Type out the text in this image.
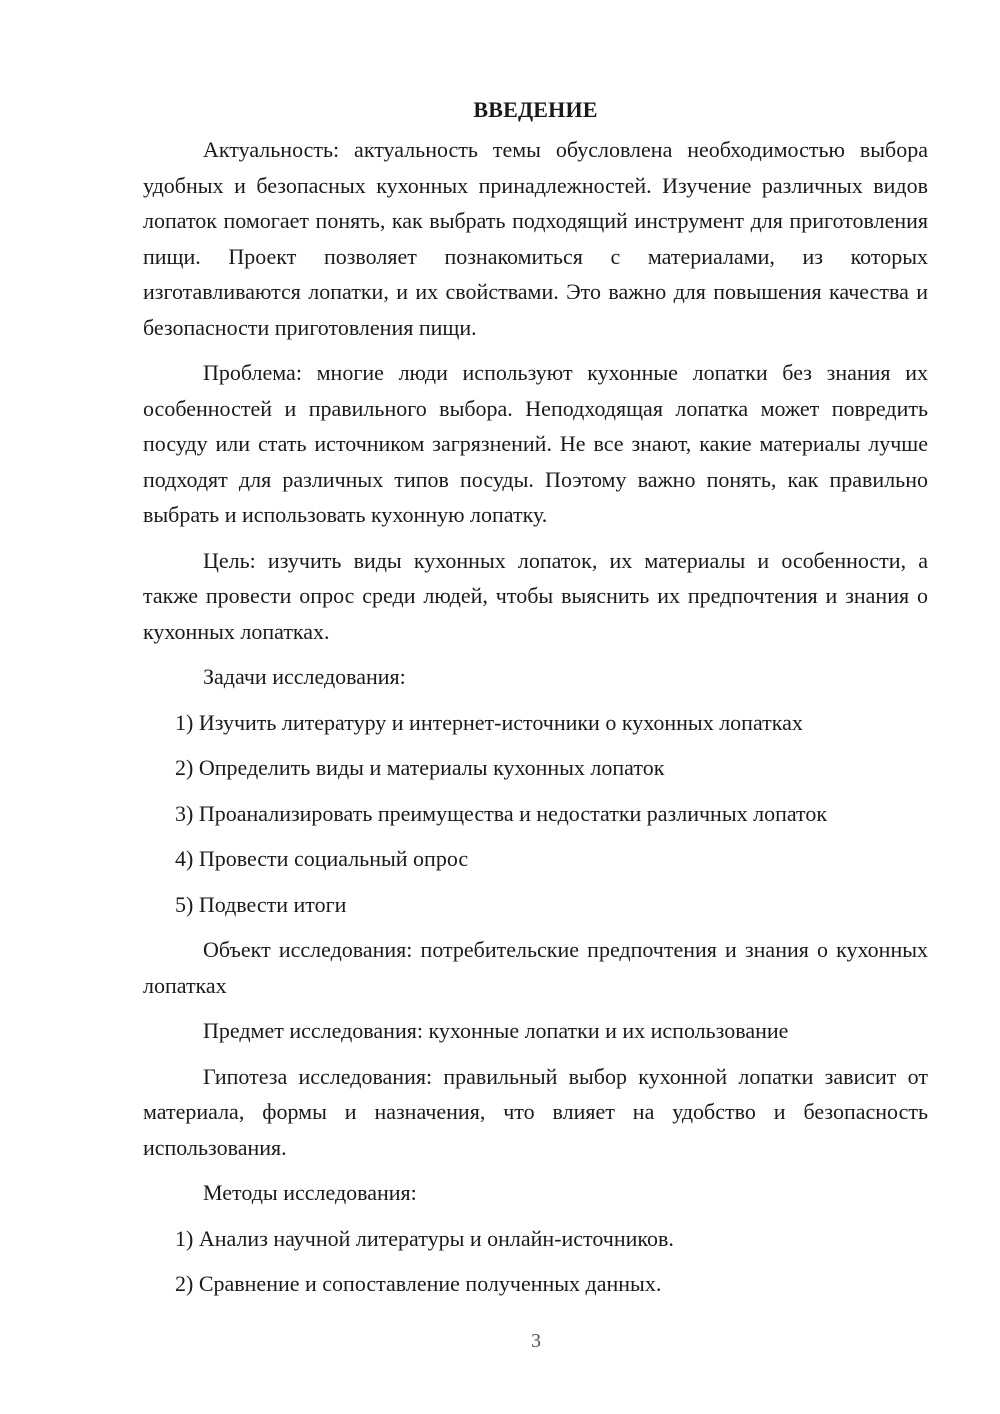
ВВЕДЕНИЕ

Актуальность: актуальность темы обусловлена необходимостью выбора удобных и безопасных кухонных принадлежностей. Изучение различных видов лопаток помогает понять, как выбрать подходящий инструмент для приготовления пищи. Проект позволяет познакомиться с материалами, из которых изготавливаются лопатки, и их свойствами. Это важно для повышения качества и безопасности приготовления пищи.

Проблема: многие люди используют кухонные лопатки без знания их особенностей и правильного выбора. Неподходящая лопатка может повредить посуду или стать источником загрязнений. Не все знают, какие материалы лучше подходят для различных типов посуды. Поэтому важно понять, как правильно выбрать и использовать кухонную лопатку.

Цель: изучить виды кухонных лопаток, их материалы и особенности, а также провести опрос среди людей, чтобы выяснить их предпочтения и знания о кухонных лопатках.

Задачи исследования:

1) Изучить литературу и интернет-источники о кухонных лопатках
2) Определить виды и материалы кухонных лопаток
3) Проанализировать преимущества и недостатки различных лопаток
4) Провести социальный опрос
5) Подвести итоги

Объект исследования: потребительские предпочтения и знания о кухонных лопатках

Предмет исследования: кухонные лопатки и их использование

Гипотеза исследования: правильный выбор кухонной лопатки зависит от материала, формы и назначения, что влияет на удобство и безопасность использования.

Методы исследования:

1) Анализ научной литературы и онлайн-источников.
2) Сравнение и сопоставление полученных данных.
3
